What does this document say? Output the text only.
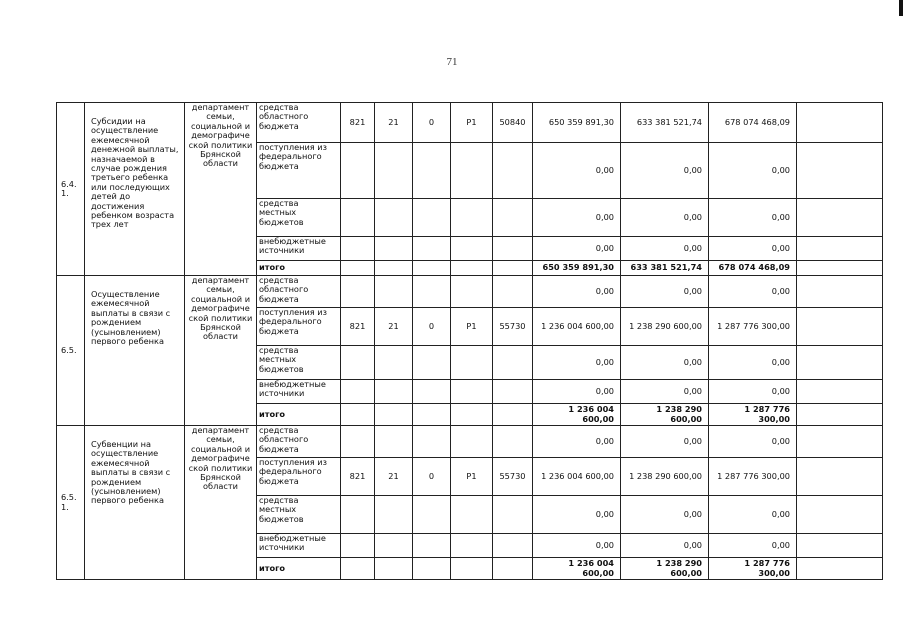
71
6.4.
1.	Субсидии на осуществление ежемесячной денежной выплаты, назначаемой в случае рождения третьего ребенка или последующих детей до достижения ребенком возраста трех лет	департамент семьи, социальной и демографиче ской политики Брянской области	средства областного бюджета	821	21	0	Р1	50840	650 359 891,30	633 381 521,74	678 074 468,09	
			поступления из федерального бюджета						0,00	0,00	0,00	
			средства местных бюджетов						0,00	0,00	0,00	
			внебюджетные источники						0,00	0,00	0,00	
			итого						650 359 891,30	633 381 521,74	678 074 468,09	
6.5.	Осуществление ежемесячной выплаты в связи с рождением (усыновлением) первого ребенка	департамент семьи, социальной и демографиче ской политики Брянской области	средства областного бюджета						0,00	0,00	0,00	
			поступления из федерального бюджета	821	21	0	Р1	55730	1 236 004 600,00	1 238 290 600,00	1 287 776 300,00	
			средства местных бюджетов						0,00	0,00	0,00	
			внебюджетные источники						0,00	0,00	0,00	
			итого						1 236 004 600,00	1 238 290 600,00	1 287 776 300,00	
6.5.
1.	Субвенции на осуществление ежемесячной выплаты в связи с рождением (усыновлением) первого ребенка	департамент семьи, социальной и демографиче ской политики Брянской области	средства областного бюджета						0,00	0,00	0,00	
			поступления из федерального бюджета	821	21	0	Р1	55730	1 236 004 600,00	1 238 290 600,00	1 287 776 300,00	
			средства местных бюджетов						0,00	0,00	0,00	
			внебюджетные источники						0,00	0,00	0,00	
			итого						1 236 004 600,00	1 238 290 600,00	1 287 776 300,00	
